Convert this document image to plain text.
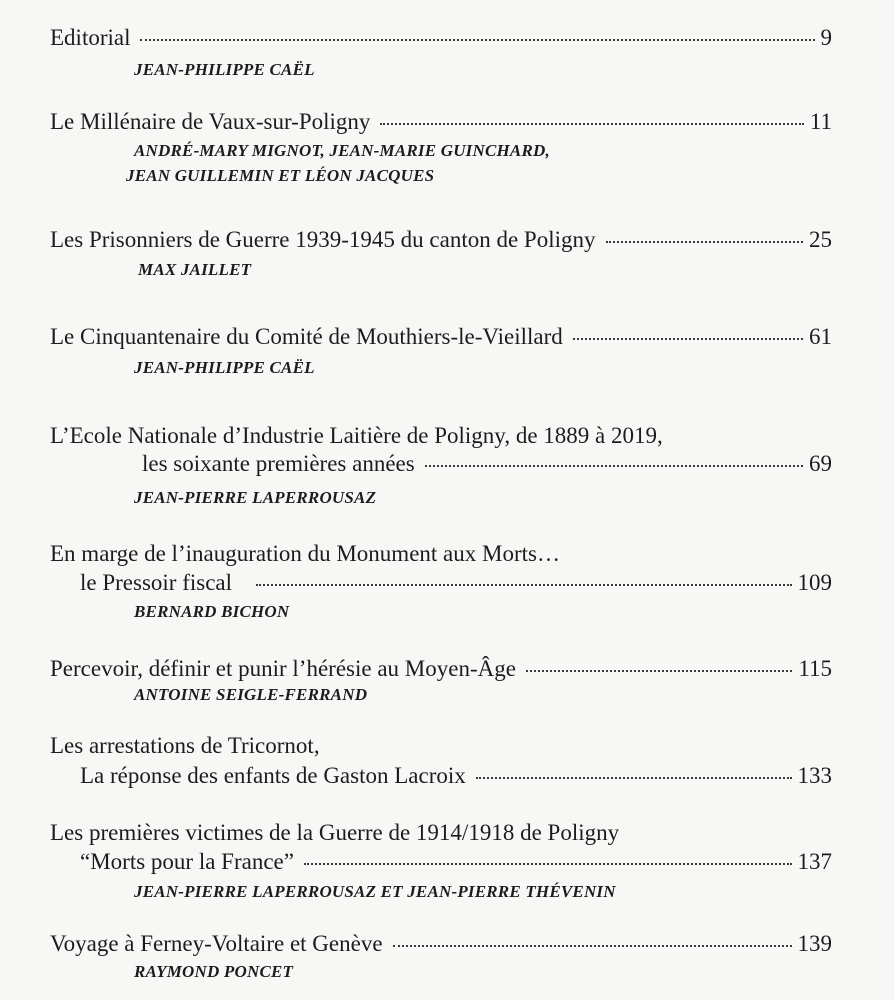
Editorial	9
JEAN-PHILIPPE CAËL
Le Millénaire de Vaux-sur-Poligny	11
ANDRÉ-MARY MIGNOT, JEAN-MARIE GUINCHARD,
JEAN GUILLEMIN ET LÉON JACQUES
Les Prisonniers de Guerre 1939-1945 du canton de Poligny	25
MAX JAILLET
Le Cinquantenaire du Comité de Mouthiers-le-Vieillard	61
JEAN-PHILIPPE CAËL
L’Ecole Nationale d’Industrie Laitière de Poligny, de 1889 à 2019,
les soixante premières années	69
JEAN-PIERRE LAPERROUSAZ
En marge de l’inauguration du Monument aux Morts…
le Pressoir fiscal	109
BERNARD BICHON
Percevoir, définir et punir l’hérésie au Moyen-Âge	115
ANTOINE SEIGLE-FERRAND
Les arrestations de Tricornot,
La réponse des enfants de Gaston Lacroix	133
Les premières victimes de la Guerre de 1914/1918 de Poligny
“Morts pour la France”	137
JEAN-PIERRE LAPERROUSAZ ET JEAN-PIERRE THÉVENIN
Voyage à Ferney-Voltaire et Genève	139
RAYMOND PONCET
